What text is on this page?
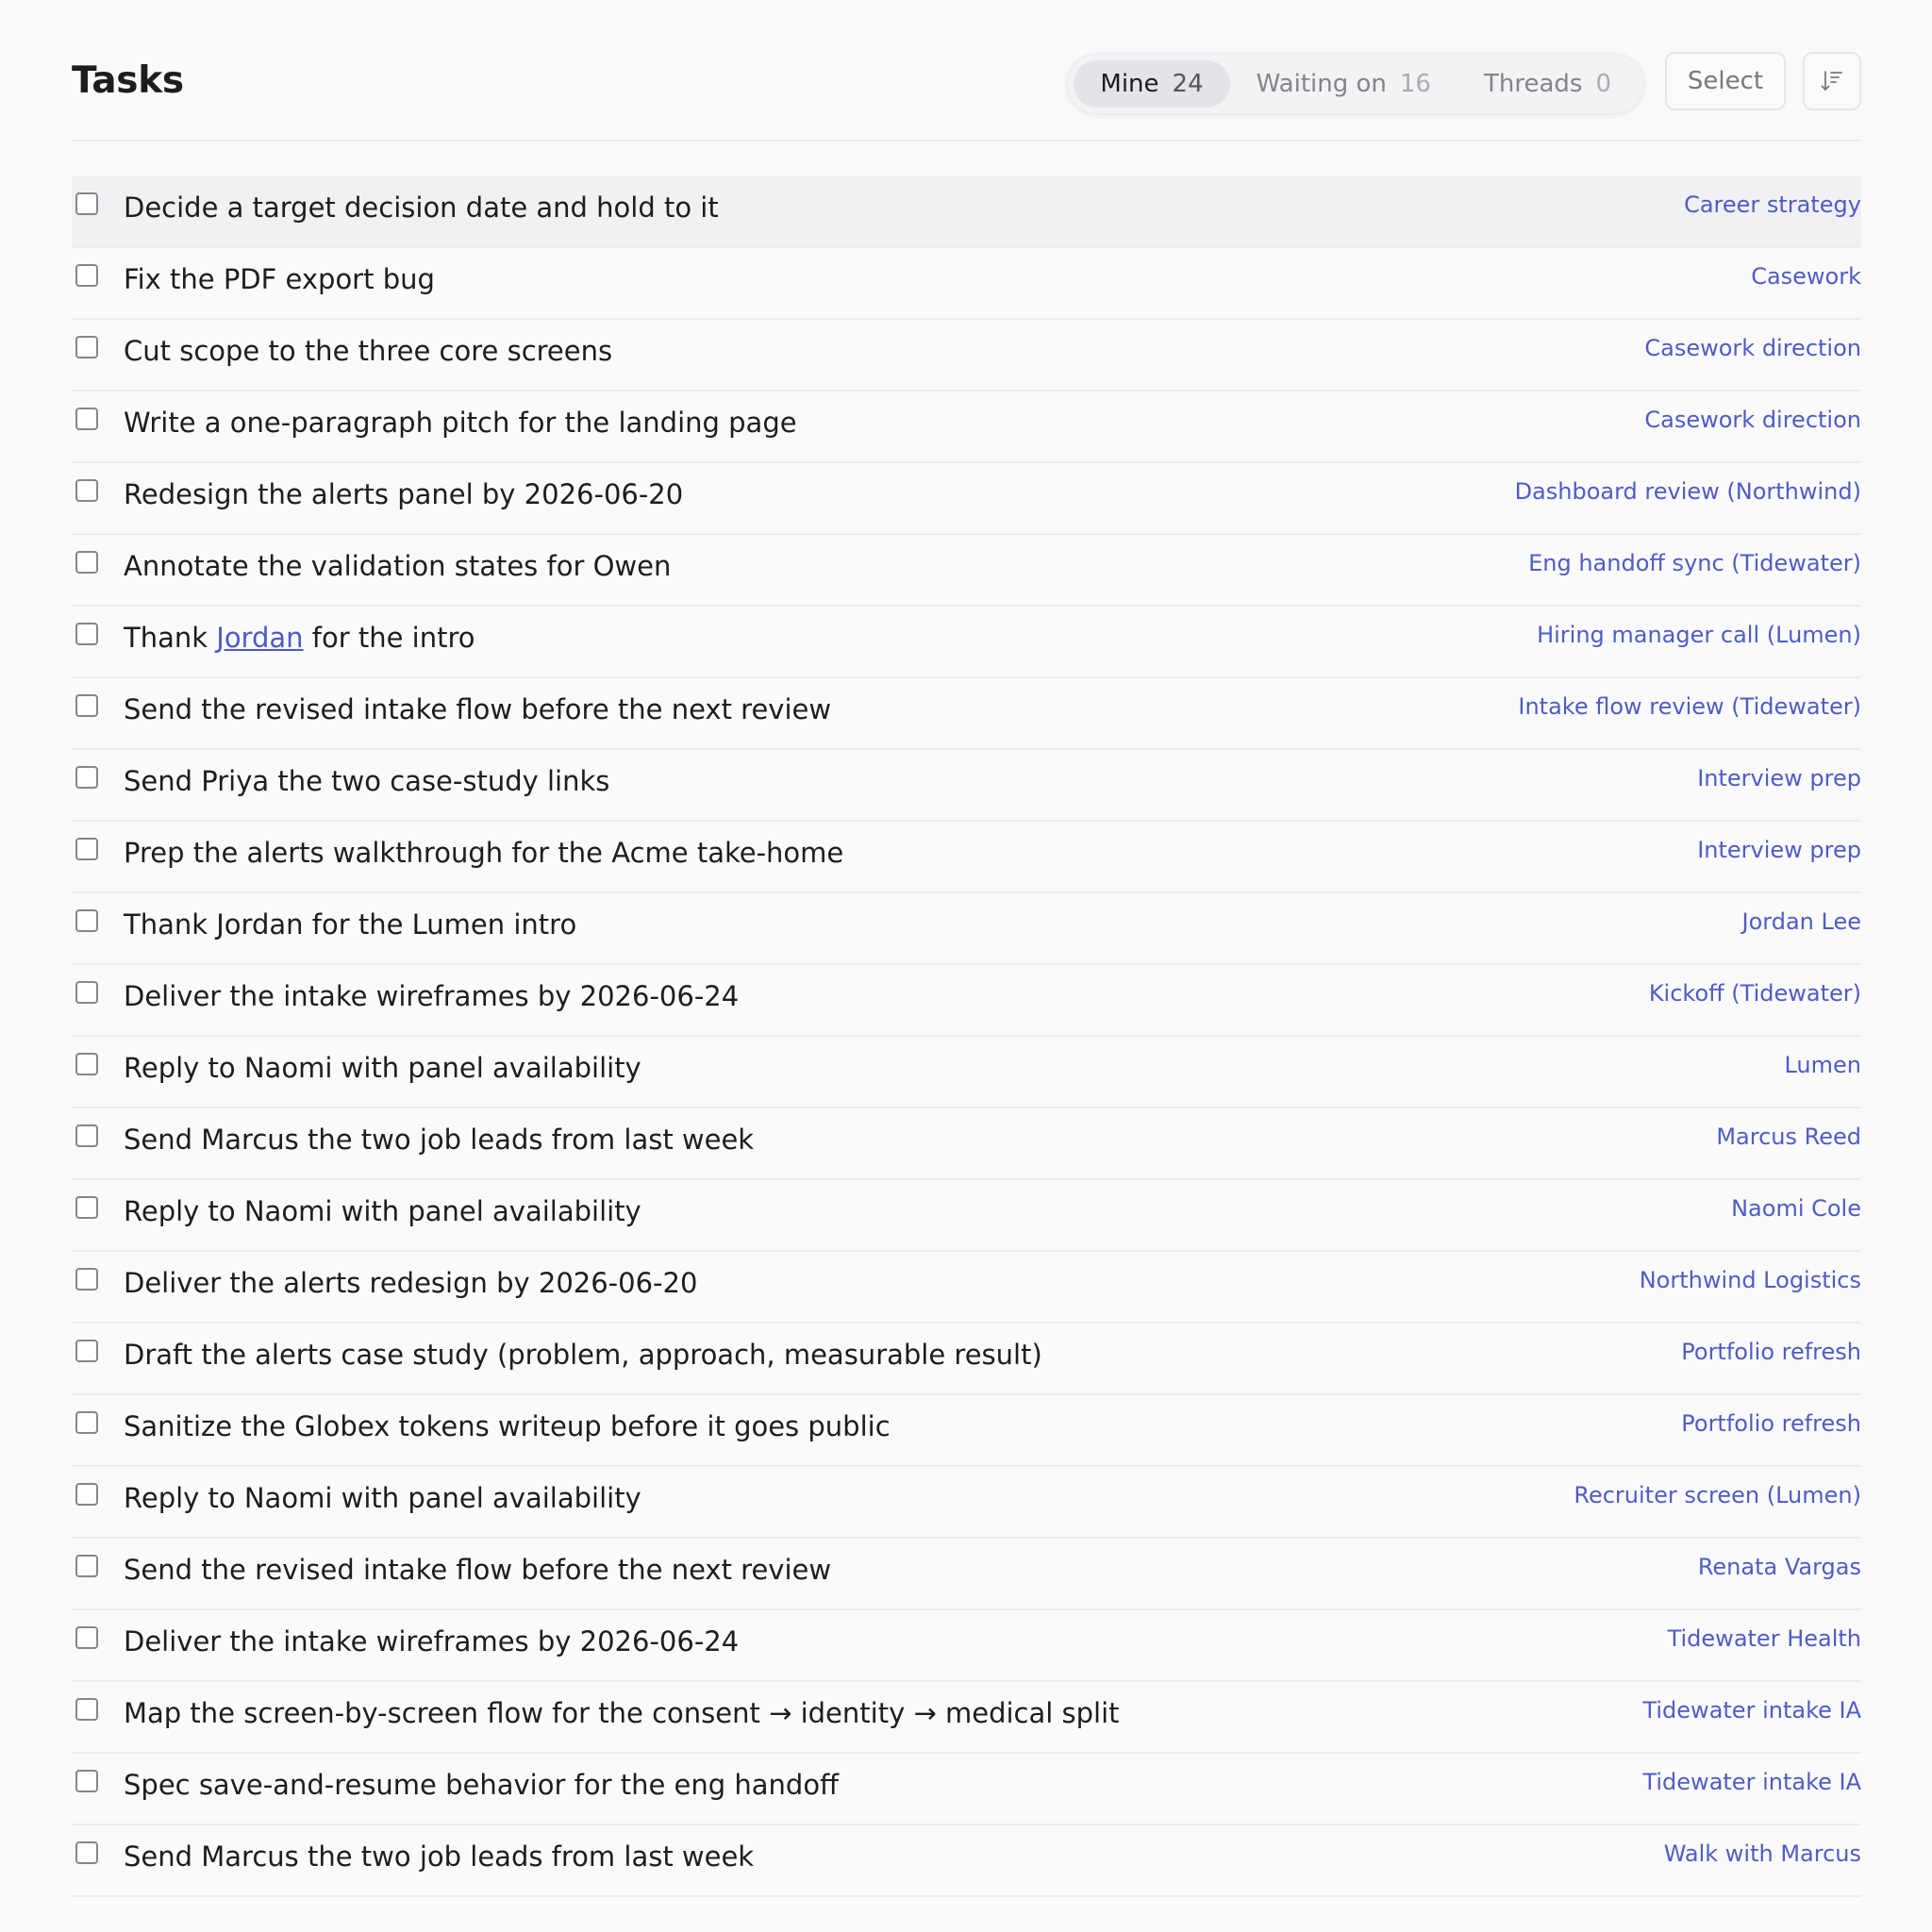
Tasks	Mine 24 Waiting on 16 Threads 0	Select
Decide a target decision date and hold to it	Career strategy
Fix the PDF export bug	Casework
Cut scope to the three core screens	Casework direction
Write a one-paragraph pitch for the landing page	Casework direction
Redesign the alerts panel by 2026-06-20	Dashboard review (Northwind)
Annotate the validation states for Owen	Eng handoff sync (Tidewater)
Thank Jordan for the intro	Hiring manager call (Lumen)
Send the revised intake flow before the next review	Intake flow review (Tidewater)
Send Priya the two case-study links	Interview prep
Prep the alerts walkthrough for the Acme take-home	Interview prep
Thank Jordan for the Lumen intro	Jordan Lee
Deliver the intake wireframes by 2026-06-24	Kickoff (Tidewater)
Reply to Naomi with panel availability	Lumen
Send Marcus the two job leads from last week	Marcus Reed
Reply to Naomi with panel availability	Naomi Cole
Deliver the alerts redesign by 2026-06-20	Northwind Logistics
Draft the alerts case study (problem, approach, measurable result)	Portfolio refresh
Sanitize the Globex tokens writeup before it goes public	Portfolio refresh
Reply to Naomi with panel availability	Recruiter screen (Lumen)
Send the revised intake flow before the next review	Renata Vargas
Deliver the intake wireframes by 2026-06-24	Tidewater Health
Map the screen-by-screen flow for the consent → identity → medical split	Tidewater intake IA
Spec save-and-resume behavior for the eng handoff	Tidewater intake IA
Send Marcus the two job leads from last week	Walk with Marcus
